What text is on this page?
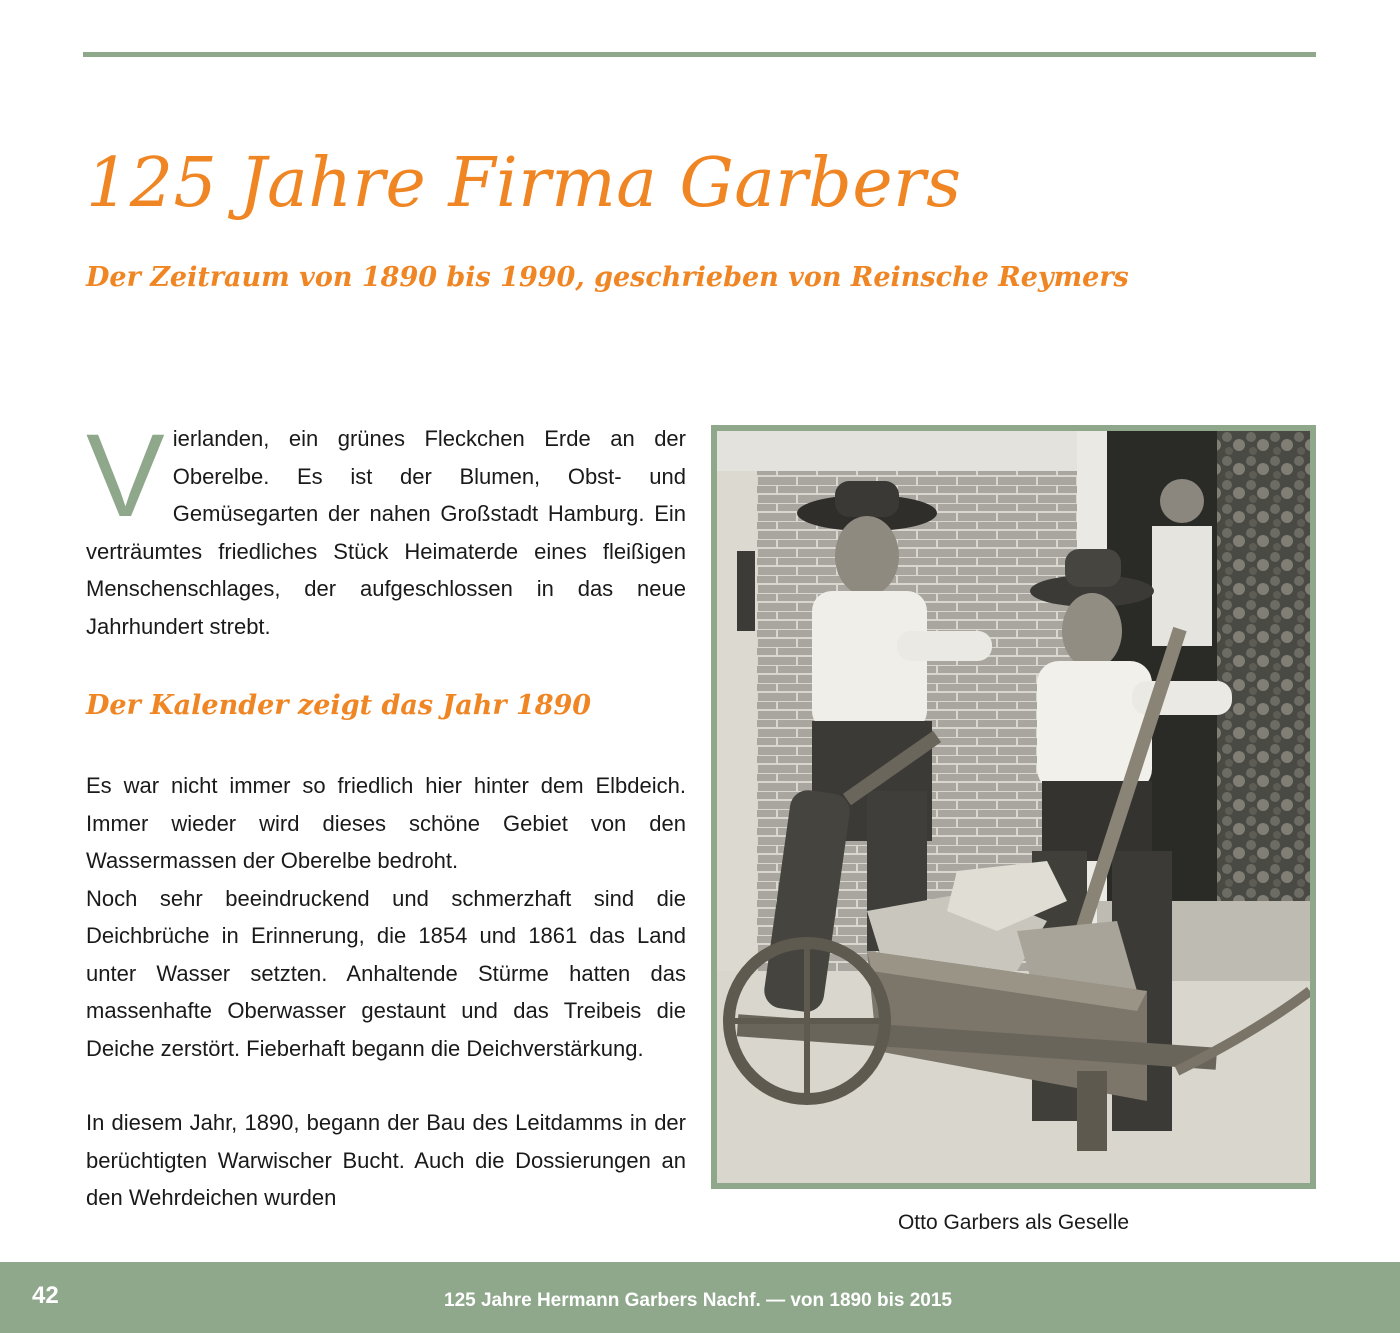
125 Jahre Firma Garbers
Der Zeitraum von 1890 bis 1990, geschrieben von Reinsche Reymers

Vierlanden, ein grünes Fleckchen Erde an der Oberelbe. Es ist der Blumen, Obst- und Gemüsegarten der nahen Großstadt Hamburg. Ein verträumtes friedliches Stück Heimaterde eines fleißigen Menschenschlages, der aufgeschlossen in das neue Jahrhundert strebt.

Der Kalender zeigt das Jahr 1890

Es war nicht immer so friedlich hier hinter dem Elbdeich. Immer wieder wird dieses schöne Gebiet von den Wassermassen der Oberelbe bedroht.

Noch sehr beeindruckend und schmerzhaft sind die Deichbrüche in Erinnerung, die 1854 und 1861 das Land unter Wasser setzten. Anhaltende Stürme hatten das massenhafte Oberwasser gestaunt und das Treibeis die Deiche zerstört. Fieberhaft begann die Deichverstärkung.

In diesem Jahr, 1890, begann der Bau des Leitdamms in der berüchtigten Warwischer Bucht. Auch die Dossierungen an den Wehrdeichen wurden

Otto Garbers als Geselle
42	125 Jahre Hermann Garbers Nachf. — von 1890 bis 2015
